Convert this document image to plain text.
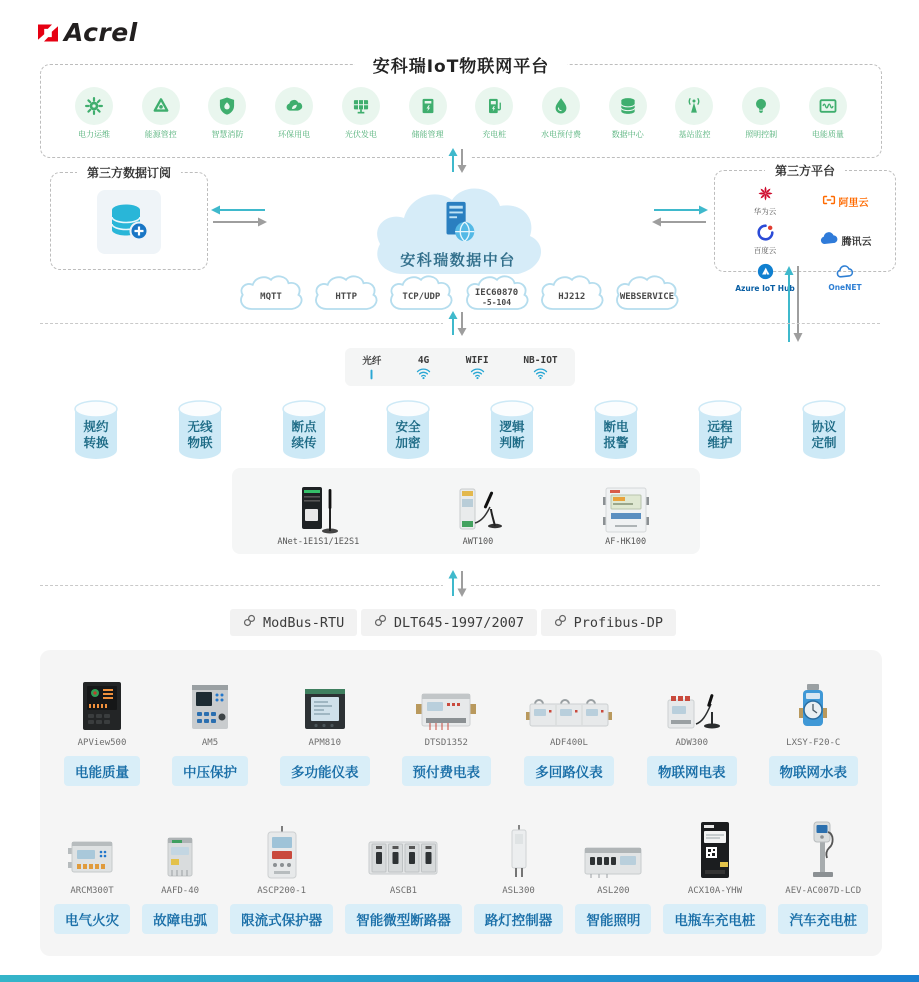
Acrel
安科瑞IoT物联网平台
电力运维	能源管控	智慧消防	环保用电	光伏发电	储能管理	充电桩	水电预付费	数据中心	基站监控	照明控制	电能质量
第三方数据订阅
安科瑞数据中台
第三方平台
华为云
阿里云
百度云
腾讯云
Azure IoT Hub	OneNET
MQTT	HTTP	TCP/UDP	IEC60870
-5-104
HJ212	WEBSERVICE
光纤	4G	WIFI	NB-IOT
规约
转换
无线
物联
断点
续传
安全
加密
逻辑
判断
断电
报警
远程
维护
协议
定制
ANet-1E1S1/1E2S1	AWT100	AF-HK100
ModBus-RTU	DLT645-1997/2007	Profibus-DP
APView500
电能质量
AM5
中压保护
APM810
多功能仪表
DTSD1352
预付费电表
ADF400L
多回路仪表
ADW300
物联网电表
LXSY-F20-C
物联网水表
ARCM300T
电气火灾
AAFD-40
故障电弧
ASCP200-1
限流式保护器
ASCB1
智能微型断路器
ASL300
路灯控制器
ASL200
智能照明
ACX10A-YHW
电瓶车充电桩
AEV-AC007D-LCD
汽车充电桩
